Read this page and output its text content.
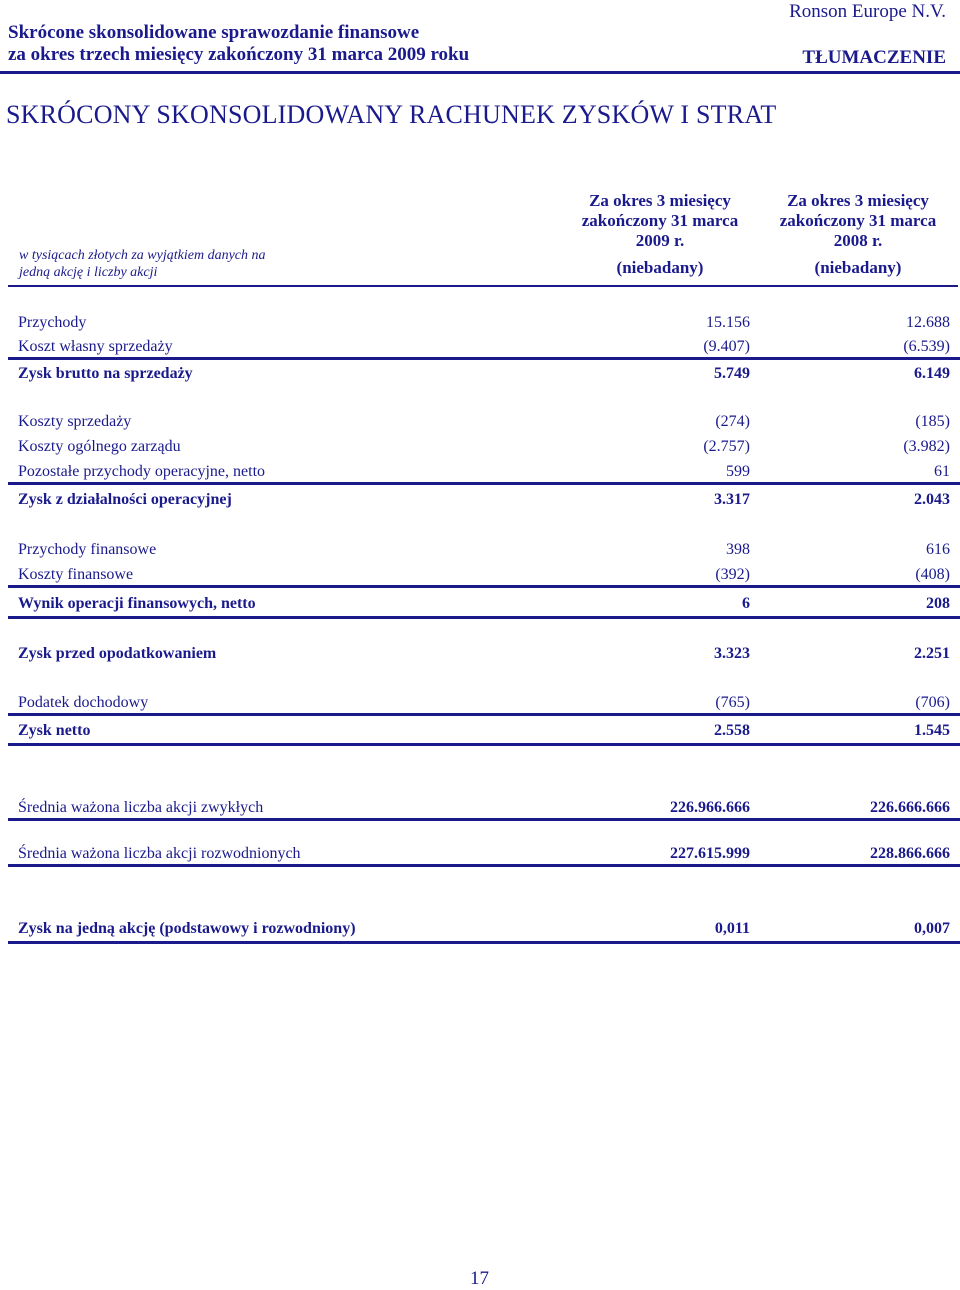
Skrócone skonsolidowane sprawozdanie finansowe
za okres trzech miesięcy zakończony 31 marca 2009 roku
Ronson Europe N.V.
TŁUMACZENIE
SKRÓCONY SKONSOLIDOWANY RACHUNEK ZYSKÓW I STRAT
w tysiącach złotych za wyjątkiem danych na
jedną akcję i liczby akcji
Za okres 3 miesięcy
zakończony 31 marca
2009 r.
(niebadany)
Za okres 3 miesięcy
zakończony 31 marca
2008 r.
(niebadany)
Przychody	15.156	12.688
Koszt własny sprzedaży	(9.407)	(6.539)
Zysk brutto na sprzedaży	5.749	6.149
Koszty sprzedaży	(274)	(185)
Koszty ogólnego zarządu	(2.757)	(3.982)
Pozostałe przychody operacyjne, netto	599	61
Zysk z działalności operacyjnej	3.317	2.043
Przychody finansowe	398	616
Koszty finansowe	(392)	(408)
Wynik operacji finansowych, netto	6	208
Zysk przed opodatkowaniem	3.323	2.251
Podatek dochodowy	(765)	(706)
Zysk netto	2.558	1.545
Średnia ważona liczba akcji zwykłych	226.966.666	226.666.666
Średnia ważona liczba akcji rozwodnionych	227.615.999	228.866.666
Zysk na jedną akcję (podstawowy i rozwodniony)	0,011	0,007
17
